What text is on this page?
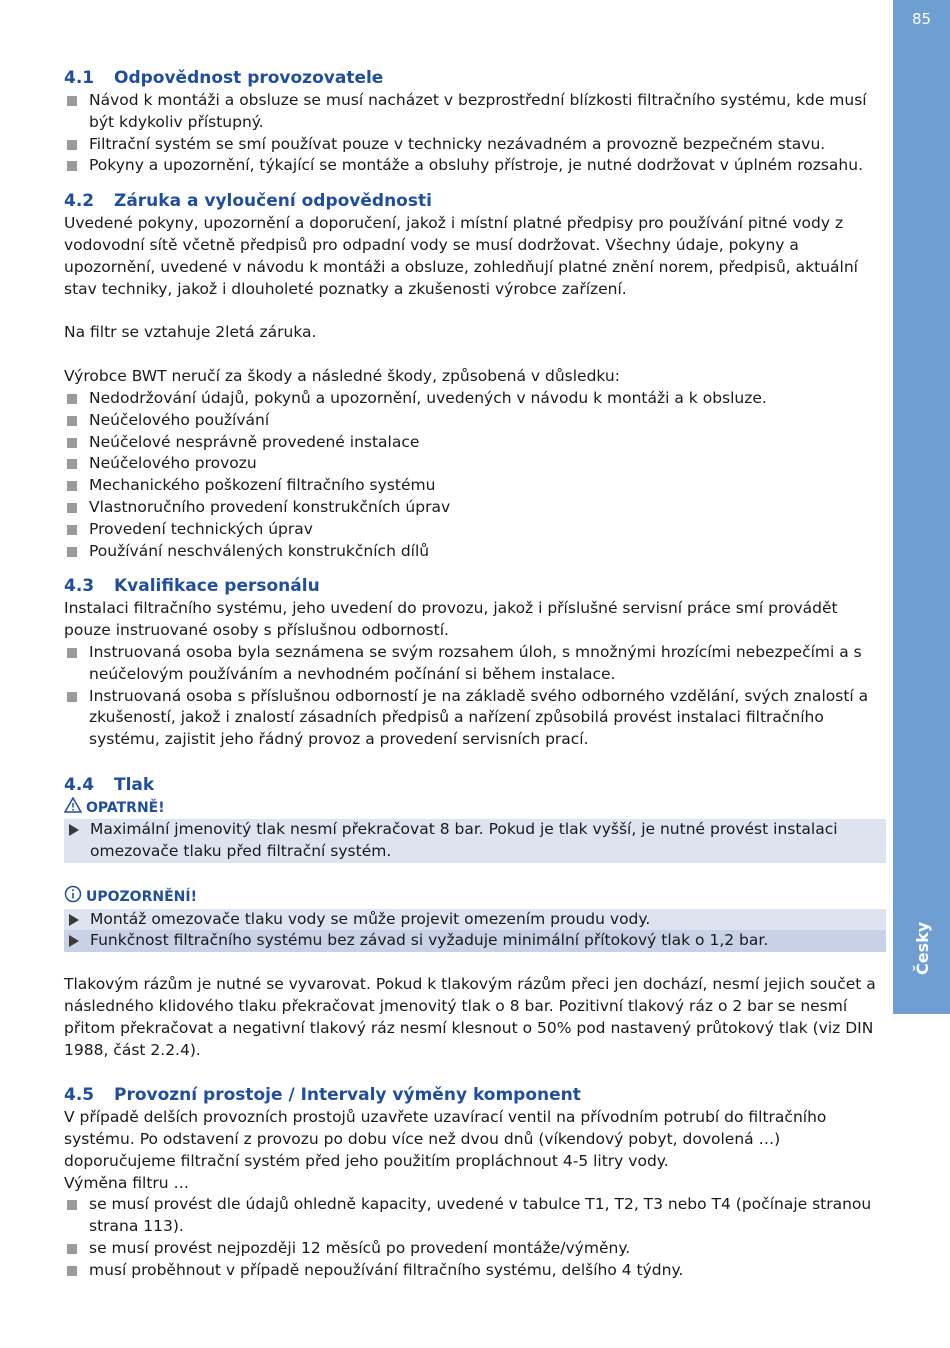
85
Česky
4.1	Odpovědnost provozovatele
Návod k montáži a obsluze se musí nacházet v bezprostřední blízkosti filtračního systému, kde musí být kdykoliv přístupný.
Filtrační systém se smí používat pouze v technicky nezávadném a provozně bezpečném stavu.
Pokyny a upozornění, týkající se montáže a obsluhy přístroje, je nutné dodržovat v úplném rozsahu.
4.2	Záruka a vyloučení odpovědnosti

Uvedené pokyny, upozornění a doporučení, jakož i místní platné předpisy pro používání pitné vody z vodovodní sítě včetně předpisů pro odpadní vody se musí dodržovat. Všechny údaje, pokyny a upozornění, uvedené v návodu k montáži a obsluze, zohledňují platné znění norem, předpisů, aktuální stav techniky, jakož i dlouholeté poznatky a zkušenosti výrobce zařízení.

Na filtr se vztahuje 2letá záruka.

Výrobce BWT neručí za škody a následné škody, způsobená v důsledku:

Nedodržování údajů, pokynů a upozornění, uvedených v návodu k montáži a k obsluze.
Neúčelového používání
Neúčelové nesprávně provedené instalace
Neúčelového provozu
Mechanického poškození filtračního systému
Vlastnoručního provedení konstrukčních úprav
Provedení technických úprav
Používání neschválených konstrukčních dílů
4.3	Kvalifikace personálu

Instalaci filtračního systému, jeho uvedení do provozu, jakož i příslušné servisní práce smí provádět pouze instruované osoby s příslušnou odborností.

Instruovaná osoba byla seznámena se svým rozsahem úloh, s množnými hrozícími nebezpečími a s neúčelovým používáním a nevhodném počínání si během instalace.
Instruovaná osoba s příslušnou odborností je na základě svého odborného vzdělání, svých znalostí a zkušeností, jakož i znalostí zásadních předpisů a nařízení způsobilá provést instalaci filtračního systému, zajistit jeho řádný provoz a provedení servisních prací.
4.4	Tlak
OPATRNĚ!
Maximální jmenovitý tlak nesmí překračovat 8 bar. Pokud je tlak vyšší, je nutné provést instalaci omezovače tlaku před filtrační systém.
UPOZORNĚNÍ!
Montáž omezovače tlaku vody se může projevit omezením proudu vody.
Funkčnost filtračního systému bez závad si vyžaduje minimální přítokový tlak o 1,2 bar.

Tlakovým rázům je nutné se vyvarovat. Pokud k tlakovým rázům přeci jen dochází, nesmí jejich součet a následného klidového tlaku překračovat jmenovitý tlak o 8 bar. Pozitivní tlakový ráz o 2 bar se nesmí přitom překračovat a negativní tlakový ráz nesmí klesnout o 50% pod nastavený průtokový tlak (viz DIN 1988, část 2.2.4).

4.5	Provozní prostoje / Intervaly výměny komponent

V případě delších provozních prostojů uzavřete uzavírací ventil na přívodním potrubí do filtračního systému. Po odstavení z provozu po dobu více než dvou dnů (víkendový pobyt, dovolená …) doporučujeme filtrační systém před jeho použitím propláchnout 4-5 litry vody.

Výměna filtru …

se musí provést dle údajů ohledně kapacity, uvedené v tabulce T1, T2, T3 nebo T4 (počínaje stranou strana 113).
se musí provést nejpozději 12 měsíců po provedení montáže/výměny.
musí proběhnout v případě nepoužívání filtračního systému, delšího 4 týdny.
